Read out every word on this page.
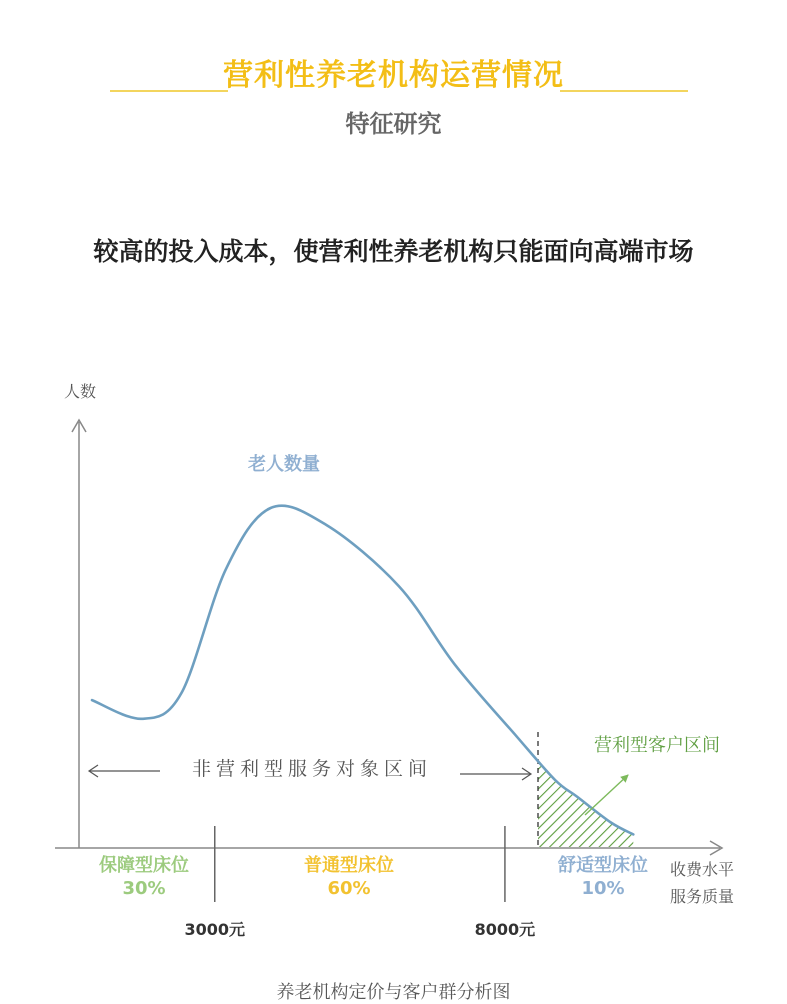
营利性养老机构运营情况
特征研究
较高的投入成本，使营利性养老机构只能面向高端市场
人数
收费水平
服务质量
3000元	8000元
老人数量
非营利型服务对象区间
营利型客户区间
保障型床位
30%
普通型床位
60%
舒适型床位
10%
养老机构定价与客户群分析图
